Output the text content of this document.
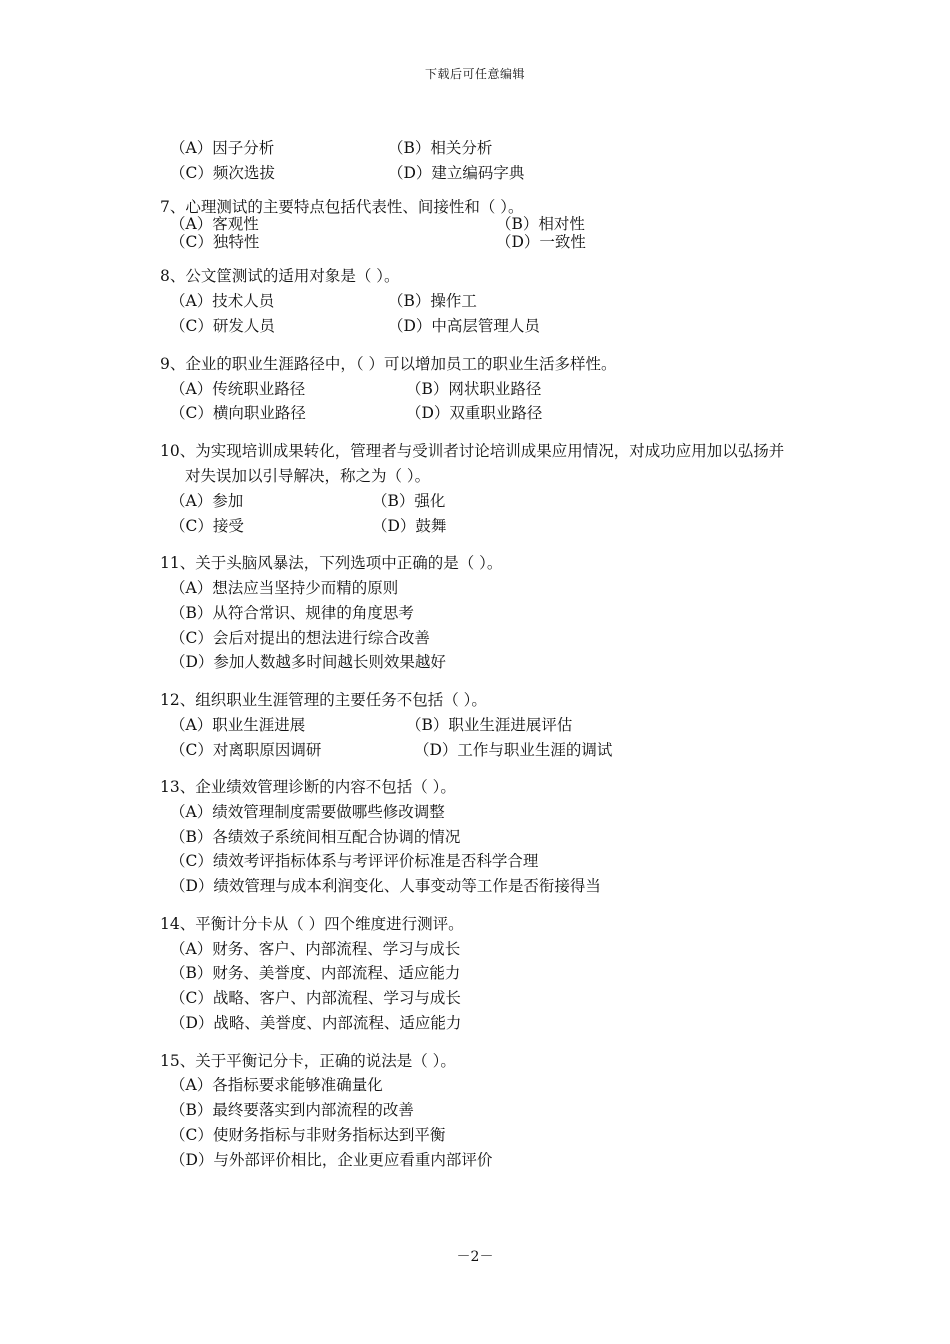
下载后可任意编辑
（A）因子分析	（B）相关分析
（C）频次选拔	（D）建立编码字典
7、心理测试的主要特点包括代表性、间接性和（ ）。
（A）客观性	（B）相对性
（C）独特性	（D）一致性
8、公文筐测试的适用对象是（ ）。
（A）技术人员	（B）操作工
（C）研发人员	（D）中高层管理人员
9、企业的职业生涯路径中，（ ）可以增加员工的职业生活多样性。
（A）传统职业路径	（B）网状职业路径
（C）横向职业路径	（D）双重职业路径
10、为实现培训成果转化，管理者与受训者讨论培训成果应用情况，对成功应用加以弘扬并
对失误加以引导解决，称之为（ ）。
（A）参加	（B）强化
（C）接受	（D）鼓舞
11、关于头脑风暴法，下列选项中正确的是（ ）。
（A）想法应当坚持少而精的原则
（B）从符合常识、规律的角度思考
（C）会后对提出的想法进行综合改善
（D）参加人数越多时间越长则效果越好
12、组织职业生涯管理的主要任务不包括（ ）。
（A）职业生涯进展	（B）职业生涯进展评估
（C）对离职原因调研	（D）工作与职业生涯的调试
13、企业绩效管理诊断的内容不包括（ ）。
（A）绩效管理制度需要做哪些修改调整
（B）各绩效子系统间相互配合协调的情况
（C）绩效考评指标体系与考评评价标准是否科学合理
（D）绩效管理与成本利润变化、人事变动等工作是否衔接得当
14、平衡计分卡从（ ）四个维度进行测评。
（A）财务、客户、内部流程、学习与成长
（B）财务、美誉度、内部流程、适应能力
（C）战略、客户、内部流程、学习与成长
（D）战略、美誉度、内部流程、适应能力
15、关于平衡记分卡，正确的说法是（ ）。
（A）各指标要求能够准确量化
（B）最终要落实到内部流程的改善
（C）使财务指标与非财务指标达到平衡
（D）与外部评价相比，企业更应看重内部评价
－2－
